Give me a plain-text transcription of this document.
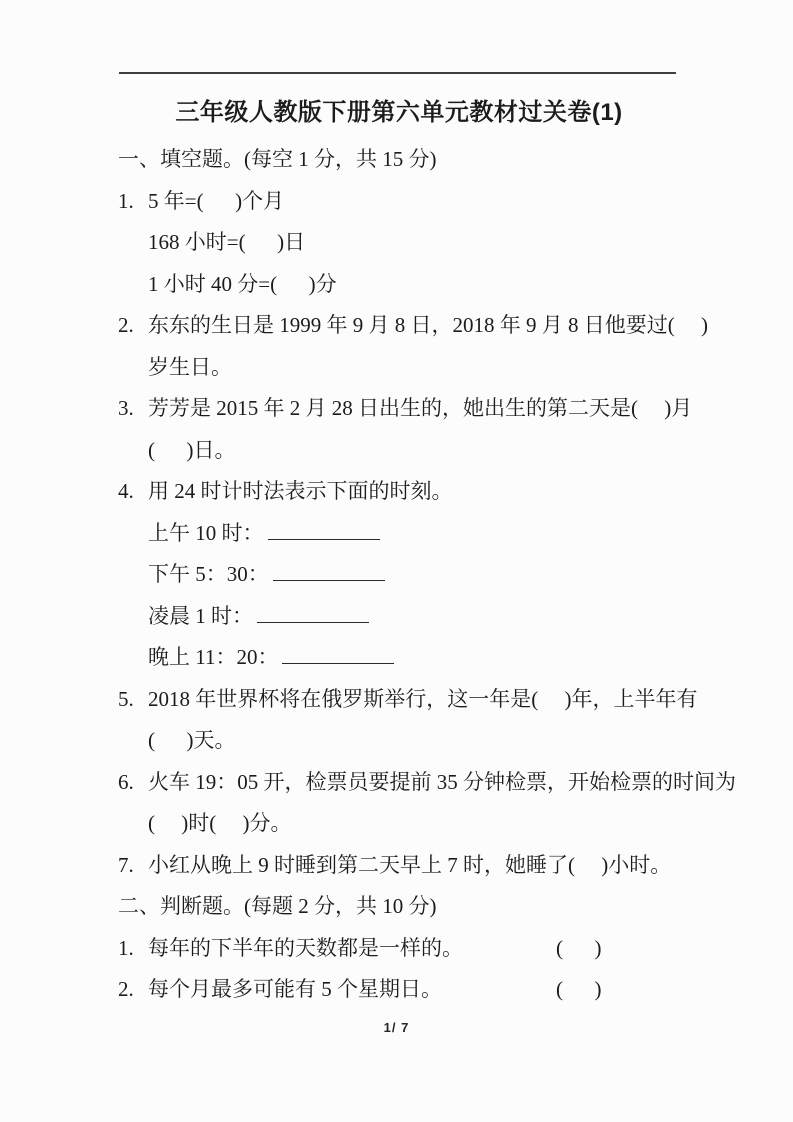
三年级人教版下册第六单元教材过关卷(1)
一、填空题。(每空 1 分，共 15 分)
1. 5 年=(      )个月
168 小时=(      )日
1 小时 40 分=(      )分
2. 东东的生日是 1999 年 9 月 8 日，2018 年 9 月 8 日他要过(     )
岁生日。
3. 芳芳是 2015 年 2 月 28 日出生的，她出生的第二天是(     )月
(      )日。
4. 用 24 时计时法表示下面的时刻。
上午 10 时：
下午 5：30：
凌晨 1 时：
晚上 11：20：
5. 2018 年世界杯将在俄罗斯举行，这一年是(     )年，上半年有
(      )天。
6. 火车 19：05 开，检票员要提前 35 分钟检票，开始检票的时间为
(     )时(     )分。
7. 小红从晚上 9 时睡到第二天早上 7 时，她睡了(     )小时。
二、判断题。(每题 2 分，共 10 分)
1. 每年的下半年的天数都是一样的。	(      )
2. 每个月最多可能有 5 个星期日。	(      )
1/ 7
